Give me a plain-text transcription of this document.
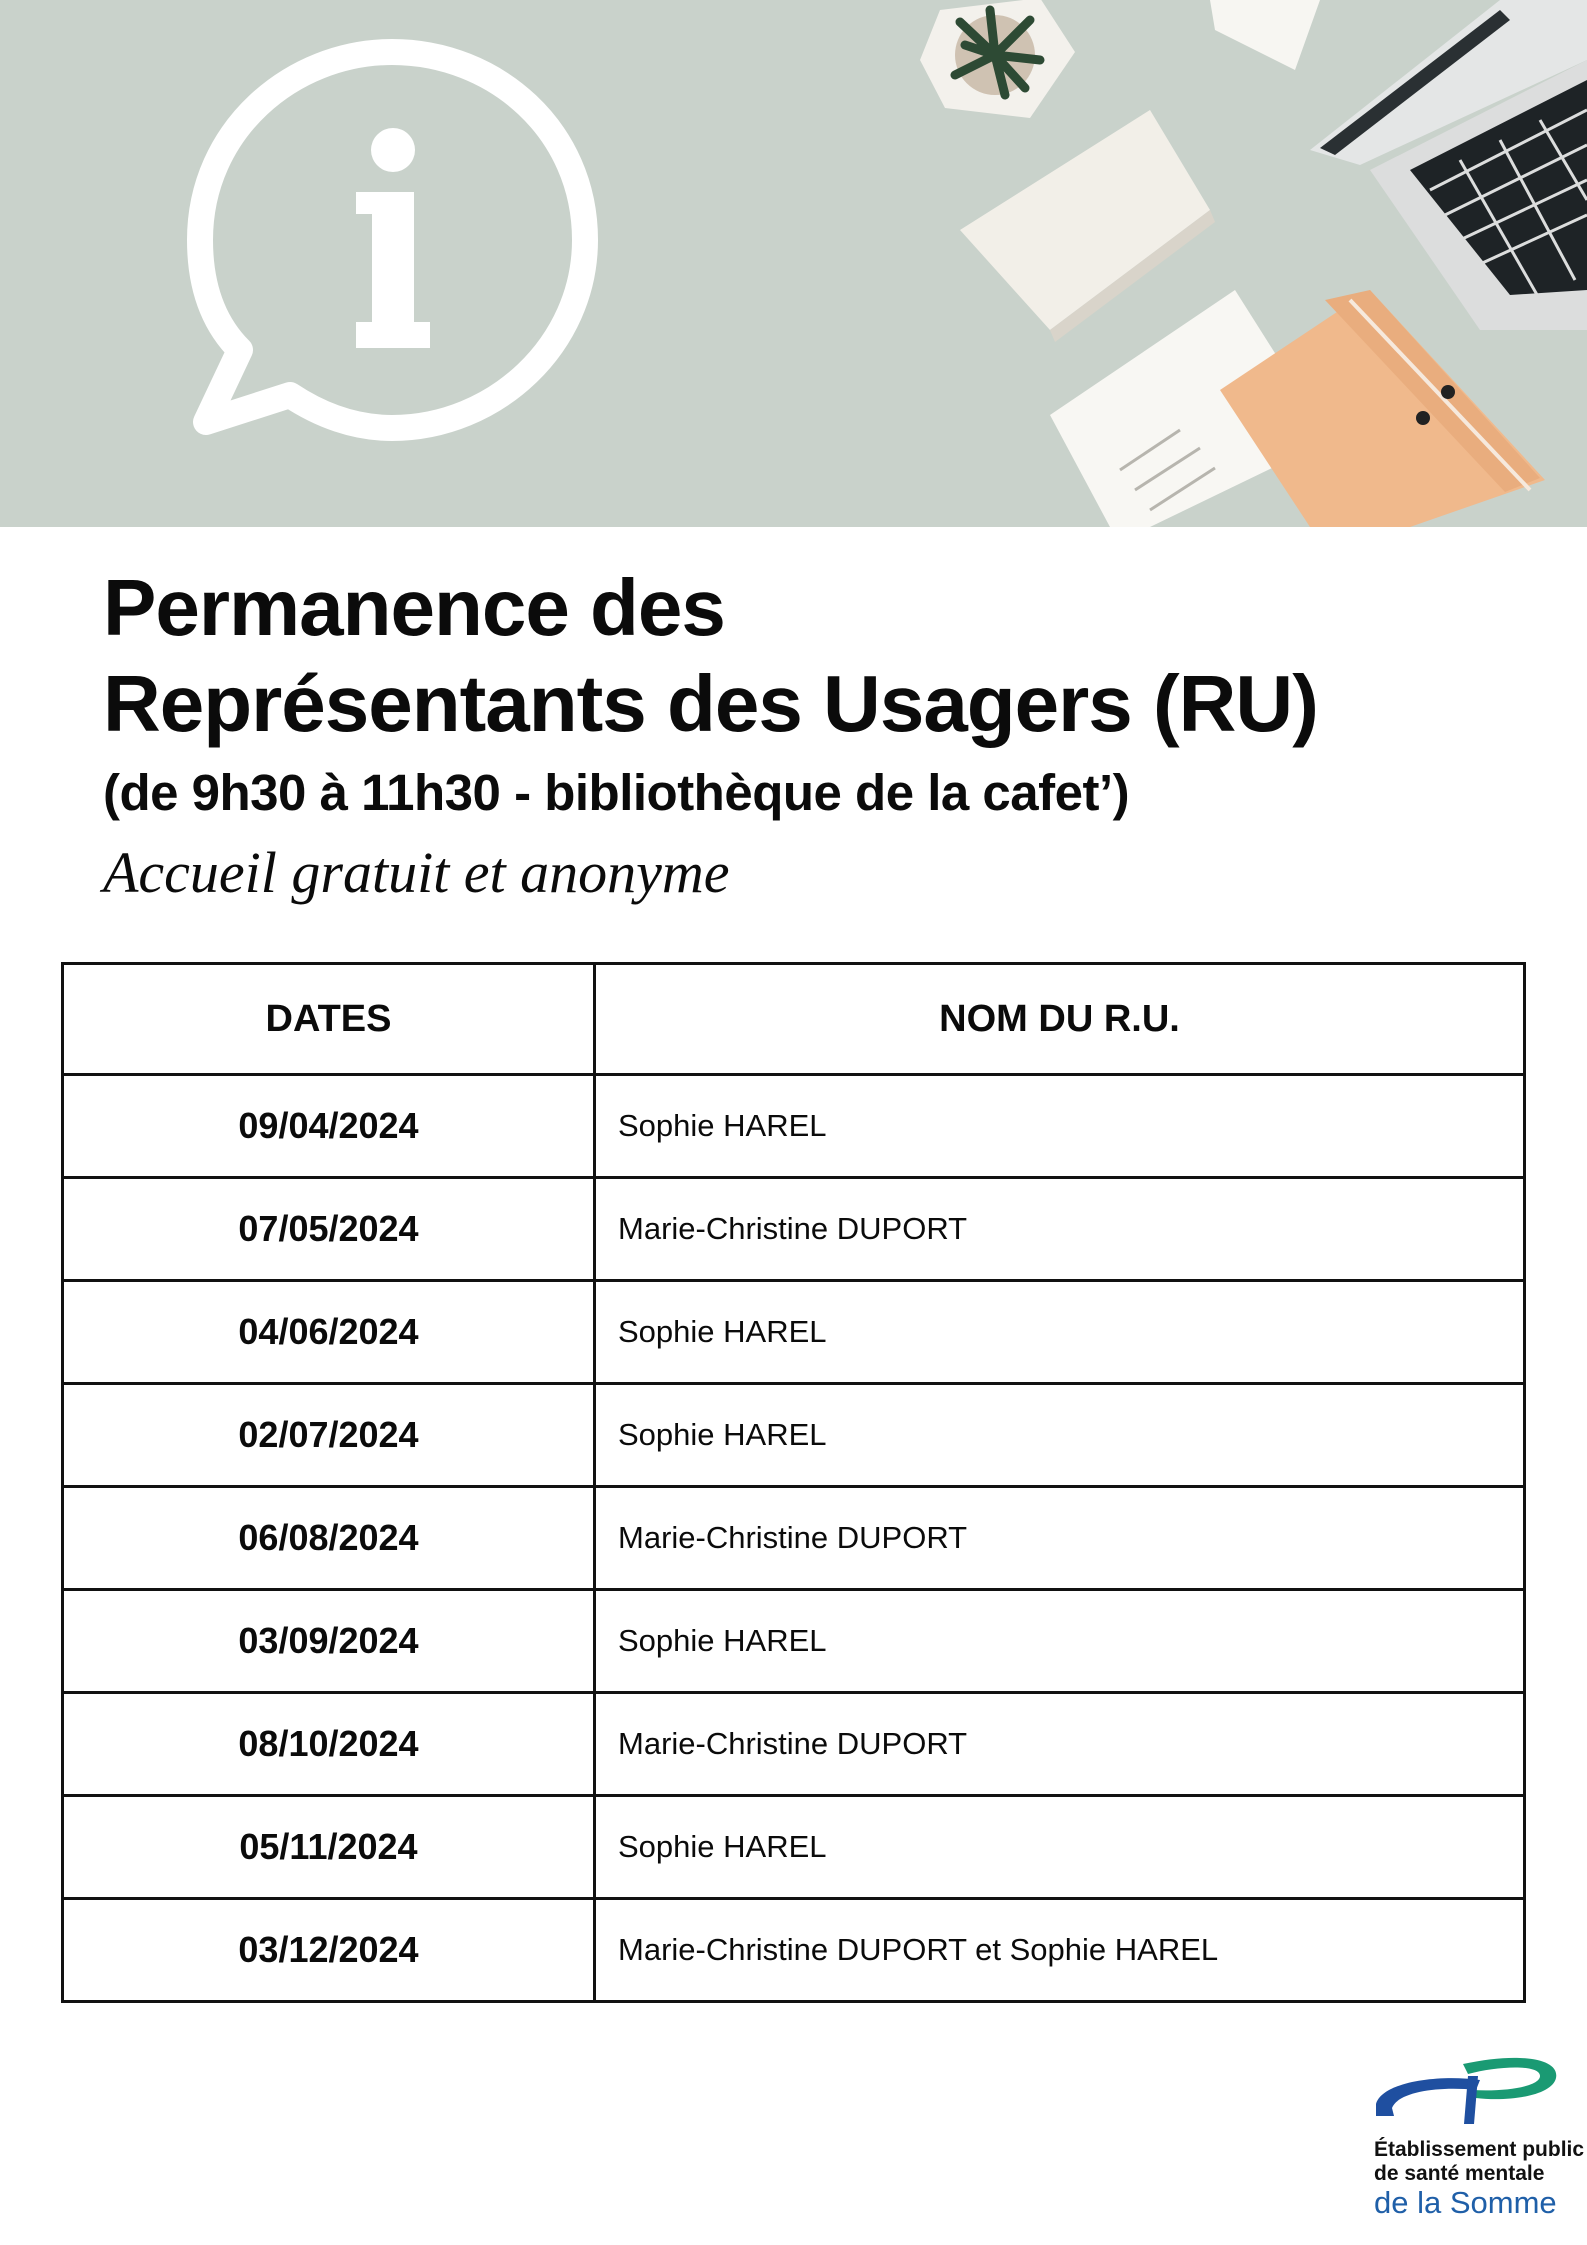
Permanence des
Représentants des Usagers (RU)
(de 9h30 à 11h30 - bibliothèque de la cafet’)
Accueil gratuit et anonyme
DATES	NOM DU R.U.
09/04/2024	Sophie HAREL
07/05/2024	Marie-Christine DUPORT
04/06/2024	Sophie HAREL
02/07/2024	Sophie HAREL
06/08/2024	Marie-Christine DUPORT
03/09/2024	Sophie HAREL
08/10/2024	Marie-Christine DUPORT
05/11/2024	Sophie HAREL
03/12/2024	Marie-Christine DUPORT et Sophie HAREL
Établissement public
de santé mentale
de la Somme
